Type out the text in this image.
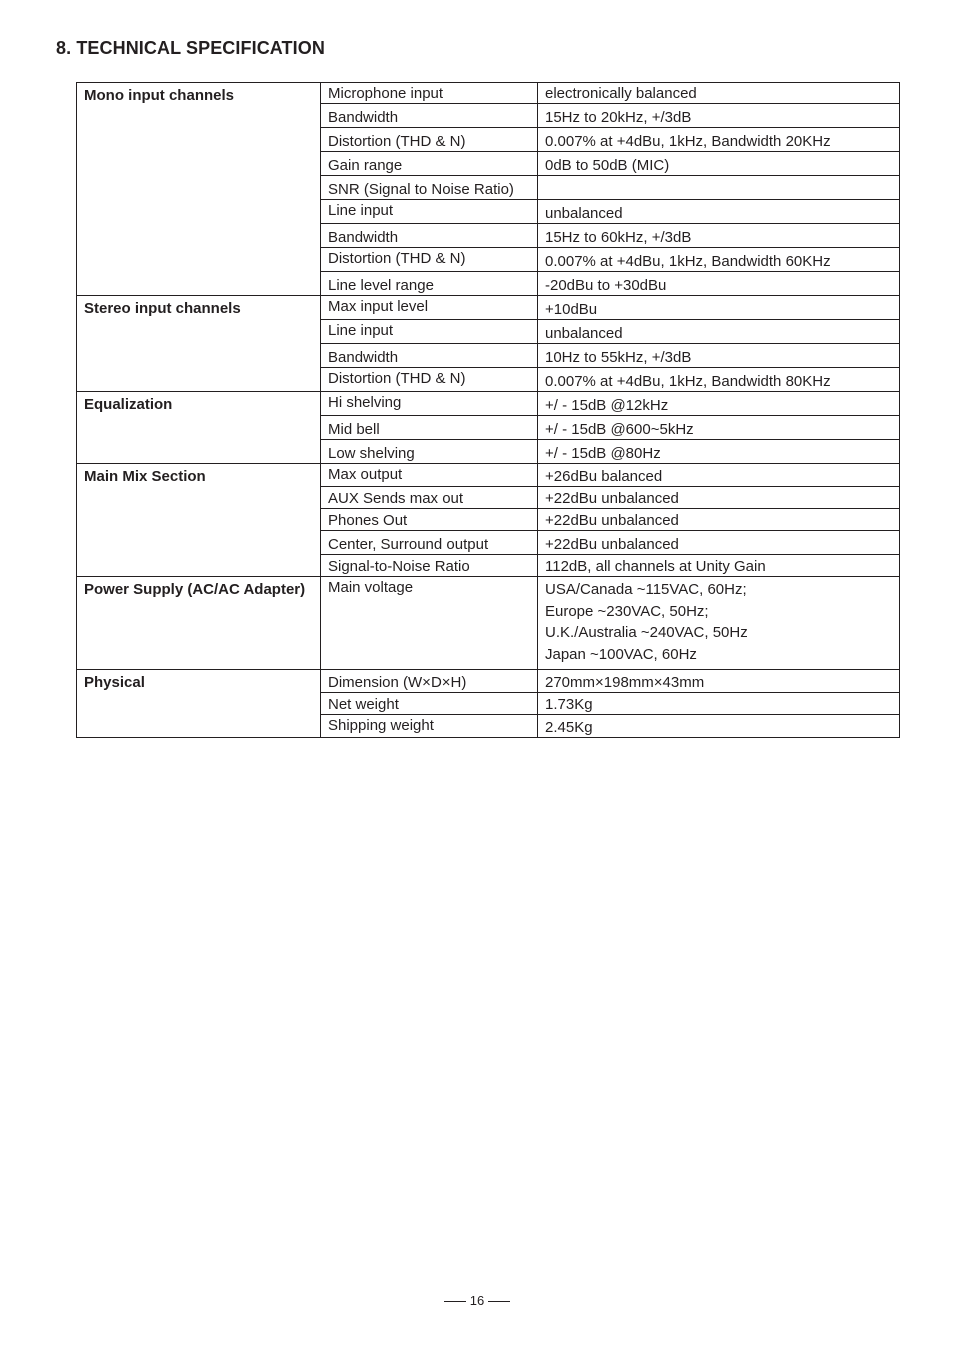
8. TECHNICAL SPECIFICATION
Mono input channels	Microphone input	electronically balanced
	Bandwidth	15Hz to 20kHz, +/3dB
	Distortion (THD & N)	0.007% at +4dBu, 1kHz, Bandwidth 20KHz
	Gain range	0dB to 50dB (MIC)
	SNR (Signal to Noise Ratio)	
	Line input	unbalanced
	Bandwidth	15Hz to 60kHz, +/3dB
	Distortion (THD & N)	0.007% at +4dBu, 1kHz, Bandwidth 60KHz
	Line level range	-20dBu to +30dBu
Stereo input channels	Max input level	+10dBu
	Line input	unbalanced
	Bandwidth	10Hz to 55kHz, +/3dB
	Distortion (THD & N)	0.007% at +4dBu, 1kHz, Bandwidth 80KHz
Equalization	Hi shelving	+/ - 15dB @12kHz
	Mid bell	+/ - 15dB @600~5kHz
	Low shelving	+/ - 15dB @80Hz
Main Mix Section	Max output	+26dBu balanced
	AUX Sends max out	+22dBu unbalanced
	Phones Out	+22dBu unbalanced
	Center, Surround output	+22dBu unbalanced
	Signal-to-Noise Ratio	112dB, all channels at Unity Gain
Power Supply (AC/AC Adapter)	Main voltage	USA/Canada ~115VAC, 60Hz;
Europe ~230VAC, 50Hz;
U.K./Australia ~240VAC, 50Hz
Japan ~100VAC, 60Hz

Physical	Dimension (W×D×H)	270mm×198mm×43mm
	Net weight	1.73Kg
	Shipping weight	2.45Kg
16
